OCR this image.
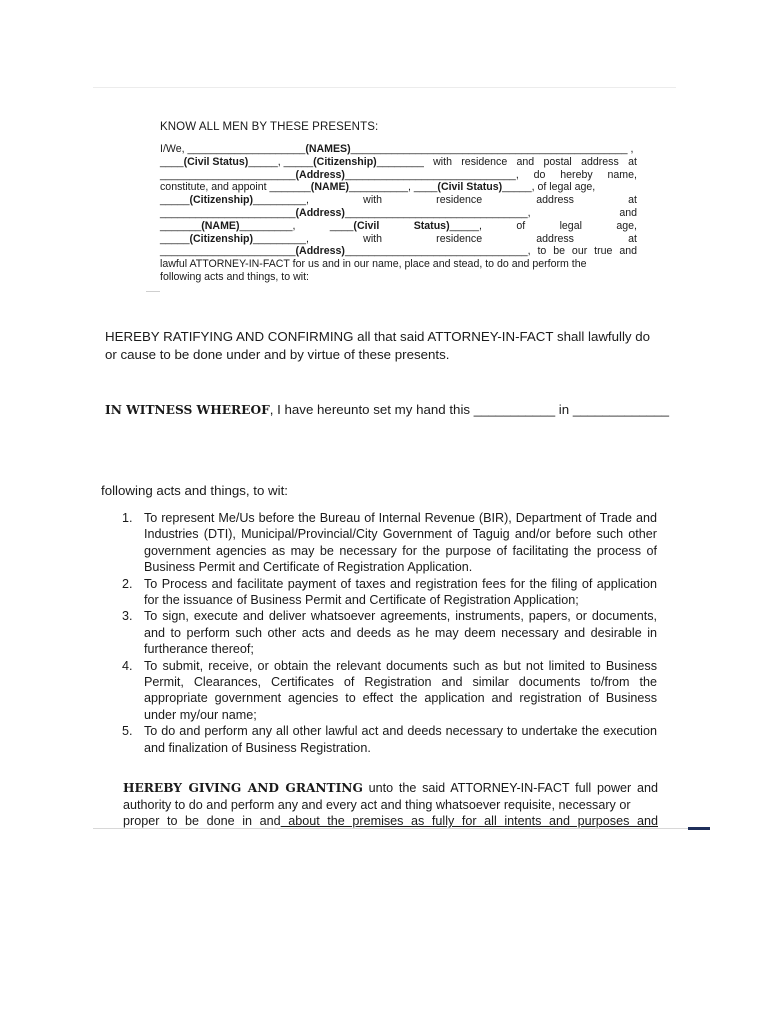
KNOW ALL MEN BY THESE PRESENTS:
I/We, ____________________(NAMES)_______________________________________________ ,
____(Civil Status)_____, _____(Citizenship)________ with residence and postal address at
_______________________(Address)_____________________________, do hereby name,
constitute, and appoint _______(NAME)__________, ____(Civil Status)_____, of legal age,
_____(Citizenship)_________,	with	residence	address	at
_______________________(Address)_______________________________,	and
_______(NAME)_________,	____(Civil	Status)_____,	of	legal	age,
_____(Citizenship)_________,	with	residence	address	at
_______________________(Address)_______________________________, to be our true and
lawful ATTORNEY-IN-FACT for us and in our name, place and stead, to do and perform the
following acts and things, to wit:
HEREBY RATIFYING AND CONFIRMING all that said ATTORNEY-IN-FACT shall lawfully do or cause to be done under and by virtue of these presents.
IN WITNESS WHEREOF, I have hereunto set my hand this ___________ in _____________
following acts and things, to wit:
1. To represent Me/Us before the Bureau of Internal Revenue (BIR), Department of Trade and Industries (DTI), Municipal/Provincial/City Government of Taguig and/or before such other government agencies as may be necessary for the purpose of facilitating the process of Business Permit and Certificate of Registration Application.
2. To Process and facilitate payment of taxes and registration fees for the filing of application for the issuance of Business Permit and Certificate of Registration Application;
3. To sign, execute and deliver whatsoever agreements, instruments, papers, or documents, and to perform such other acts and deeds as he may deem necessary and desirable in furtherance thereof;
4. To submit, receive, or obtain the relevant documents such as but not limited to Business Permit, Clearances, Certificates of Registration and similar documents to/from the appropriate government agencies to effect the application and registration of Business under my/our name;
5. To do and perform any all other lawful act and deeds necessary to undertake the execution and finalization of Business Registration.
HEREBY GIVING AND GRANTING unto the said ATTORNEY-IN-FACT full power and authority to do and perform any and every act and thing whatsoever requisite, necessary or
proper to be done in and about the premises as fully for all intents and purposes and
